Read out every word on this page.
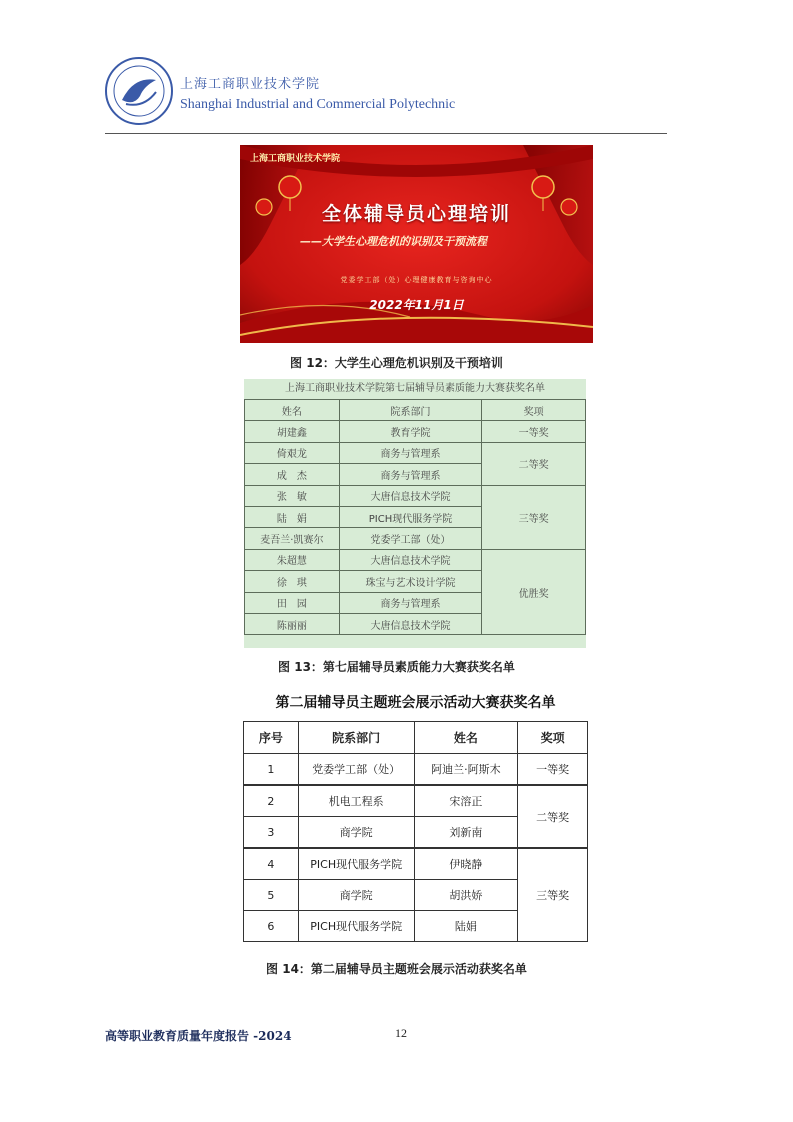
上海工商职业技术学院
Shanghai Industrial and Commercial Polytechnic
上海工商职业技术学院
全体辅导员心理培训
——大学生心理危机的识别及干预流程
党委学工部（处）心理健康教育与咨询中心
2022年11月1日
图 12：大学生心理危机识别及干预培训
上海工商职业技术学院第七届辅导员素质能力大赛获奖名单
姓名	院系部门	奖项
胡建鑫	教育学院	一等奖
倚艰龙	商务与管理系	二等奖
成　杰	商务与管理系	
张　敏	大唐信息技术学院	三等奖
陆　娟	PICH现代服务学院	
麦吾兰·凯赛尔	党委学工部（处）	
朱超慧	大唐信息技术学院	优胜奖
徐　琪	珠宝与艺术设计学院	
田　园	商务与管理系	
陈丽丽	大唐信息技术学院	
图 13：第七届辅导员素质能力大赛获奖名单
第二届辅导员主题班会展示活动大赛获奖名单
序号	院系部门	姓名	奖项
1	党委学工部（处）	阿迪兰·阿斯木	一等奖
2	机电工程系	宋溶正	二等奖
3	商学院	刘新南	
4	PICH现代服务学院	伊晓静	三等奖
5	商学院	胡洪娇	
6	PICH现代服务学院	陆娟	
图 14：第二届辅导员主题班会展示活动获奖名单
高等职业教育质量年度报告 -2024	12
